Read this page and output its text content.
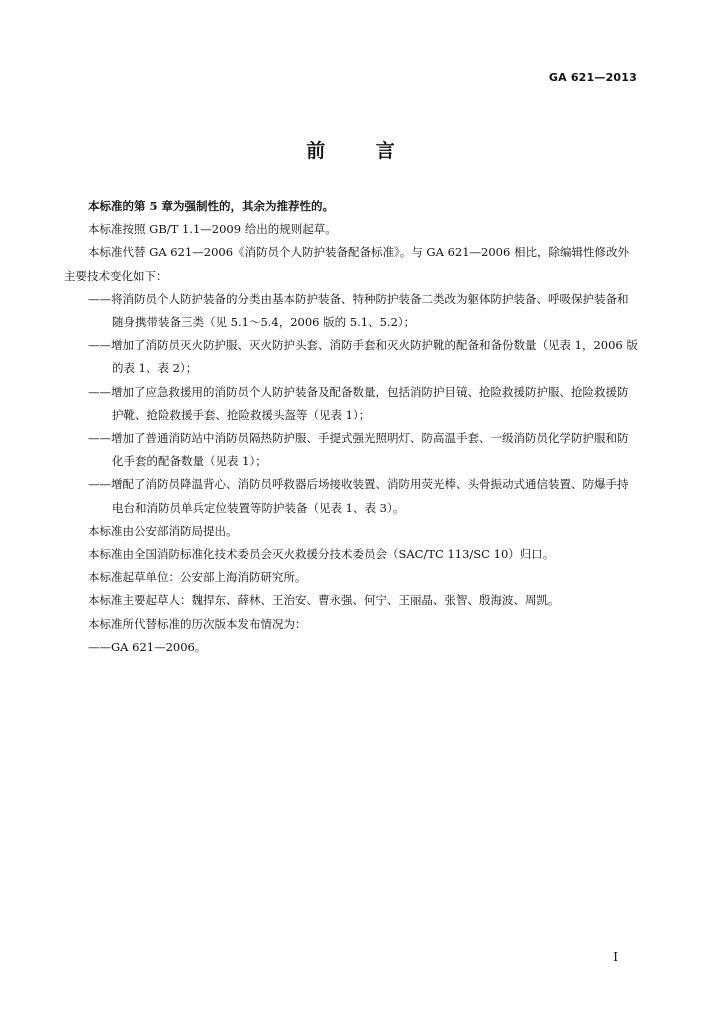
GA 621—2013
前 言

本标准的第 5 章为强制性的，其余为推荐性的。

本标准按照 GB/T 1.1—2009 给出的规则起草。

本标准代替 GA 621—2006《消防员个人防护装备配备标准》。与 GA 621—2006 相比，除编辑性修改外主要技术变化如下：

——将消防员个人防护装备的分类由基本防护装备、特种防护装备二类改为躯体防护装备、呼吸保护装备和随身携带装备三类（见 5.1～5.4，2006 版的 5.1、5.2）；

——增加了消防员灭火防护服、灭火防护头套、消防手套和灭火防护靴的配备和备份数量（见表 1，2006 版的表 1、表 2）；

——增加了应急救援用的消防员个人防护装备及配备数量，包括消防护目镜、抢险救援防护服、抢险救援防护靴、抢险救援手套、抢险救援头盔等（见表 1）；

——增加了普通消防站中消防员隔热防护服、手提式强光照明灯、防高温手套、一级消防员化学防护服和防化手套的配备数量（见表 1）；

——增配了消防员降温背心、消防员呼救器后场接收装置、消防用荧光棒、头骨振动式通信装置、防爆手持电台和消防员单兵定位装置等防护装备（见表 1、表 3）。

本标准由公安部消防局提出。

本标准由全国消防标准化技术委员会灭火救援分技术委员会（SAC/TC 113/SC 10）归口。

本标准起草单位：公安部上海消防研究所。

本标准主要起草人：魏捍东、薛林、王治安、曹永强、何宁、王丽晶、张智、殷海波、周凯。

本标准所代替标准的历次版本发布情况为：

——GA 621—2006。

I
